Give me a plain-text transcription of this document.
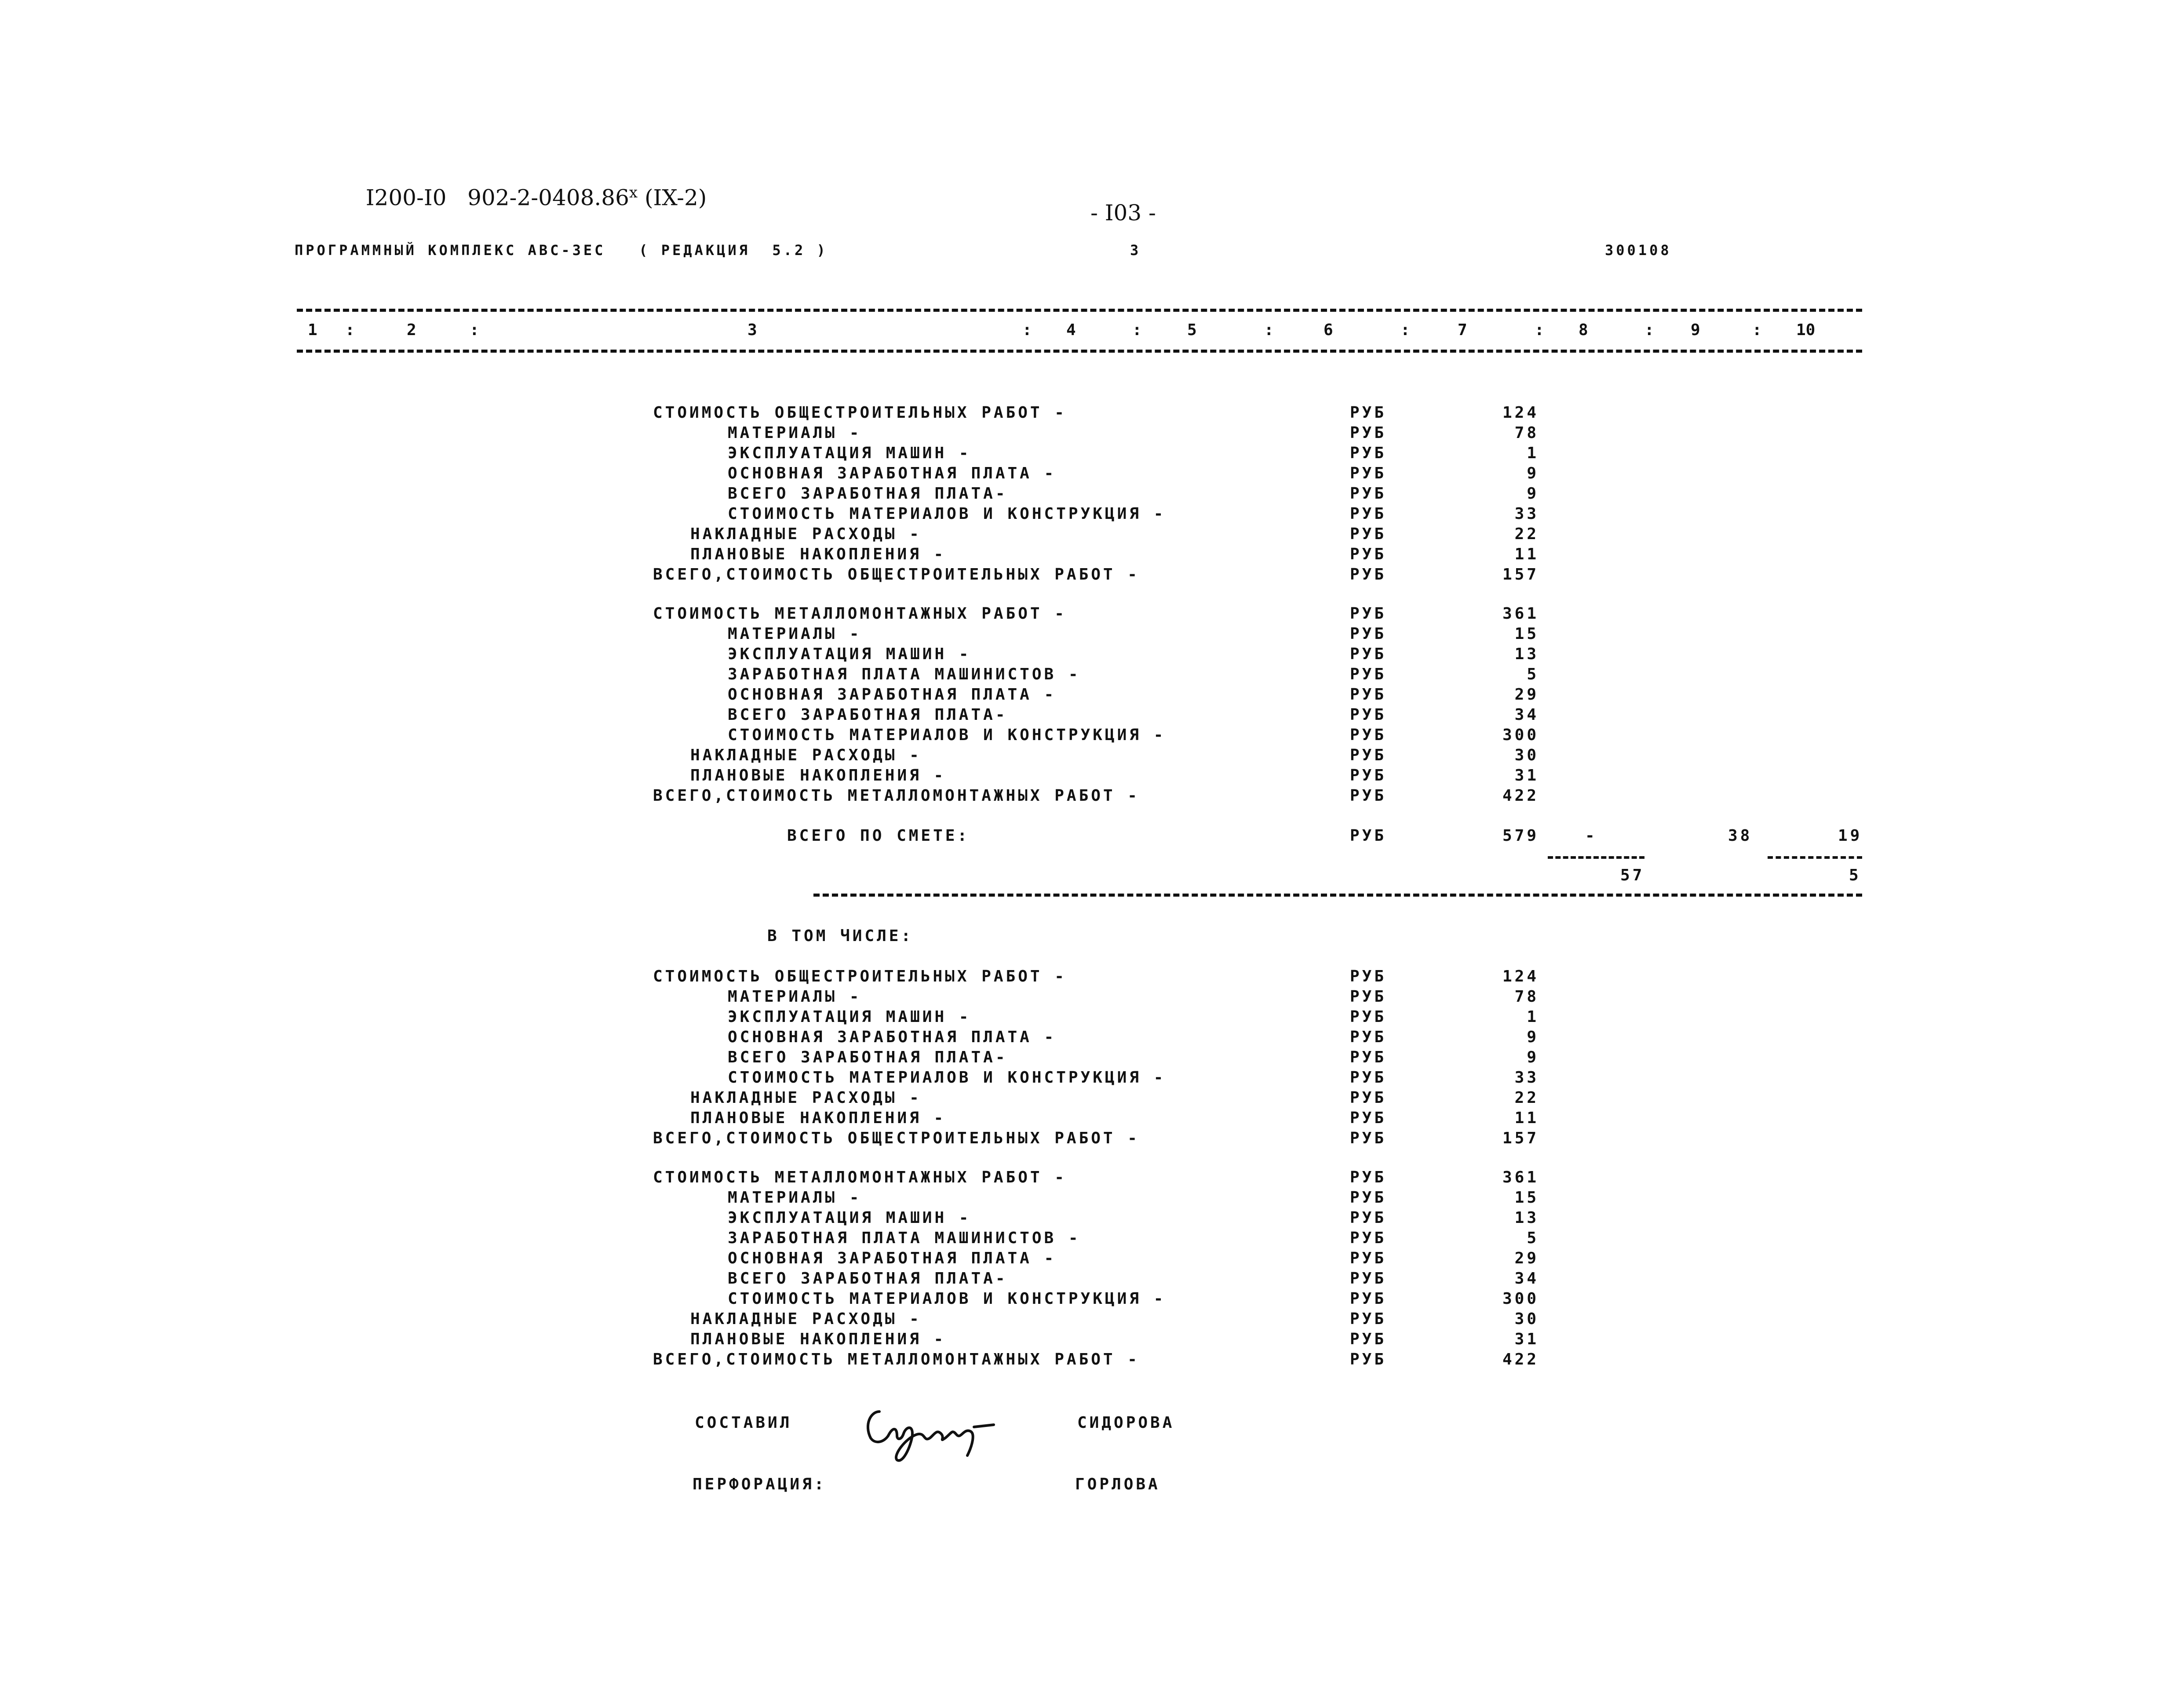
I200-I0   902-2-0408.86$^x$ (IX-2)

- I03 -
ПРОГРАММНЫЙ КОМПЛЕКС АВС-3ЕС   ( РЕДАКЦИЯ  5.2 )	3	300108
1 :	2	:	3	: 4	:	5	:	6	:	7	: 8	: 9	: 10
СТОИМОСТЬ ОБЩЕСТРОИТЕЛЬНЫХ РАБОТ -	РУБ	124
МАТЕРИАЛЫ -	РУБ	78
ЭКСПЛУАТАЦИЯ МАШИН -	РУБ	1
ОСНОВНАЯ ЗАРАБОТНАЯ ПЛАТА -	РУБ	9
ВСЕГО ЗАРАБОТНАЯ ПЛАТА-	РУБ	9
СТОИМОСТЬ МАТЕРИАЛОВ И КОНСТРУКЦИЯ -	РУБ	33
НАКЛАДНЫЕ РАСХОДЫ -	РУБ	22
ПЛАНОВЫЕ НАКОПЛЕНИЯ -	РУБ	11
ВСЕГО,СТОИМОСТЬ ОБЩЕСТРОИТЕЛЬНЫХ РАБОТ -	РУБ	157
СТОИМОСТЬ МЕТАЛЛОМОНТАЖНЫХ РАБОТ -	РУБ	361
МАТЕРИАЛЫ -	РУБ	15
ЭКСПЛУАТАЦИЯ МАШИН -	РУБ	13
ЗАРАБОТНАЯ ПЛАТА МАШИНИСТОВ -	РУБ	5
ОСНОВНАЯ ЗАРАБОТНАЯ ПЛАТА -	РУБ	29
ВСЕГО ЗАРАБОТНАЯ ПЛАТА-	РУБ	34
СТОИМОСТЬ МАТЕРИАЛОВ И КОНСТРУКЦИЯ -	РУБ	300
НАКЛАДНЫЕ РАСХОДЫ -	РУБ	30
ПЛАНОВЫЕ НАКОПЛЕНИЯ -	РУБ	31
ВСЕГО,СТОИМОСТЬ МЕТАЛЛОМОНТАЖНЫХ РАБОТ -	РУБ	422
ВСЕГО ПО СМЕТЕ:	РУБ	579	-	38	19
57	5
В ТОМ ЧИСЛЕ:
СТОИМОСТЬ ОБЩЕСТРОИТЕЛЬНЫХ РАБОТ -	РУБ	124
МАТЕРИАЛЫ -	РУБ	78
ЭКСПЛУАТАЦИЯ МАШИН -	РУБ	1
ОСНОВНАЯ ЗАРАБОТНАЯ ПЛАТА -	РУБ	9
ВСЕГО ЗАРАБОТНАЯ ПЛАТА-	РУБ	9
СТОИМОСТЬ МАТЕРИАЛОВ И КОНСТРУКЦИЯ -	РУБ	33
НАКЛАДНЫЕ РАСХОДЫ -	РУБ	22
ПЛАНОВЫЕ НАКОПЛЕНИЯ -	РУБ	11
ВСЕГО,СТОИМОСТЬ ОБЩЕСТРОИТЕЛЬНЫХ РАБОТ -	РУБ	157
СТОИМОСТЬ МЕТАЛЛОМОНТАЖНЫХ РАБОТ -	РУБ	361
МАТЕРИАЛЫ -	РУБ	15
ЭКСПЛУАТАЦИЯ МАШИН -	РУБ	13
ЗАРАБОТНАЯ ПЛАТА МАШИНИСТОВ -	РУБ	5
ОСНОВНАЯ ЗАРАБОТНАЯ ПЛАТА -	РУБ	29
ВСЕГО ЗАРАБОТНАЯ ПЛАТА-	РУБ	34
СТОИМОСТЬ МАТЕРИАЛОВ И КОНСТРУКЦИЯ -	РУБ	300
НАКЛАДНЫЕ РАСХОДЫ -	РУБ	30
ПЛАНОВЫЕ НАКОПЛЕНИЯ -	РУБ	31
ВСЕГО,СТОИМОСТЬ МЕТАЛЛОМОНТАЖНЫХ РАБОТ -	РУБ	422
СОСТАВИЛ	СИДОРОВА
ПЕРФОРАЦИЯ:	ГОРЛОВА
